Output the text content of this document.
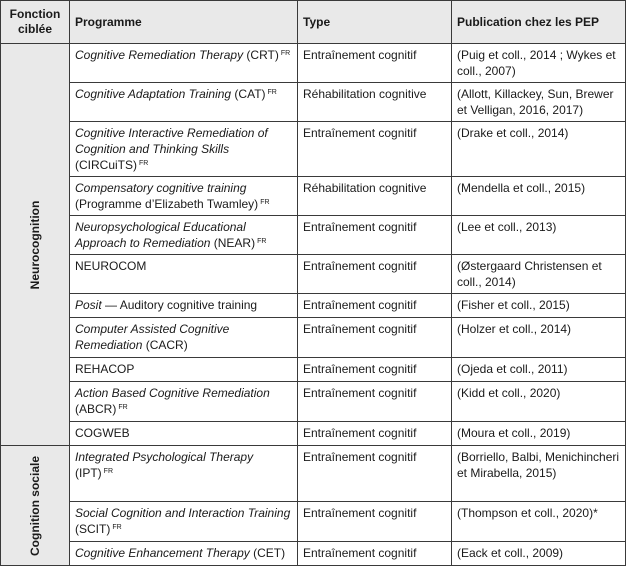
Fonction
ciblée	Programme	Type	Publication chez les PEP

Neurocognition	Cognitive Remediation Therapy (CRT) $^{FR}$	Entraînement cognitif	(Puig et coll., 2014 ; Wykes et coll., 2007)
	Cognitive Adaptation Training (CAT) $^{FR}$	Réhabilitation cognitive	(Allott, Killackey, Sun, Brewer et Velligan, 2016, 2017)
	Cognitive Interactive Remediation of Cognition and Thinking Skills (CIRCuiTS) $^{FR}$	Entraînement cognitif	(Drake et coll., 2014)
	Compensatory cognitive training (Programme d’Elizabeth Twamley) $^{FR}$	Réhabilitation cognitive	(Mendella et coll., 2015)
	Neuropsychological Educational Approach to Remediation (NEAR) $^{FR}$	Entraînement cognitif	(Lee et coll., 2013)
	NEUROCOM	Entraînement cognitif	(Østergaard Christensen et coll., 2014)
	Posit — Auditory cognitive training	Entraînement cognitif	(Fisher et coll., 2015)
	Computer Assisted Cognitive Remediation (CACR)	Entraînement cognitif	(Holzer et coll., 2014)
	REHACOP	Entraînement cognitif	(Ojeda et coll., 2011)
	Action Based Cognitive Remediation (ABCR) $^{FR}$	Entraînement cognitif	(Kidd et coll., 2020)
	COGWEB	Entraînement cognitif	(Moura et coll., 2019)

Cognition sociale	Integrated Psychological Therapy (IPT) $^{FR}$	Entraînement cognitif	(Borriello, Balbi, Menichincheri et Mirabella, 2015)
	Social Cognition and Interaction Training (SCIT) $^{FR}$	Entraînement cognitif	(Thompson et coll., 2020)*
	Cognitive Enhancement Therapy (CET)	Entraînement cognitif	(Eack et coll., 2009)
